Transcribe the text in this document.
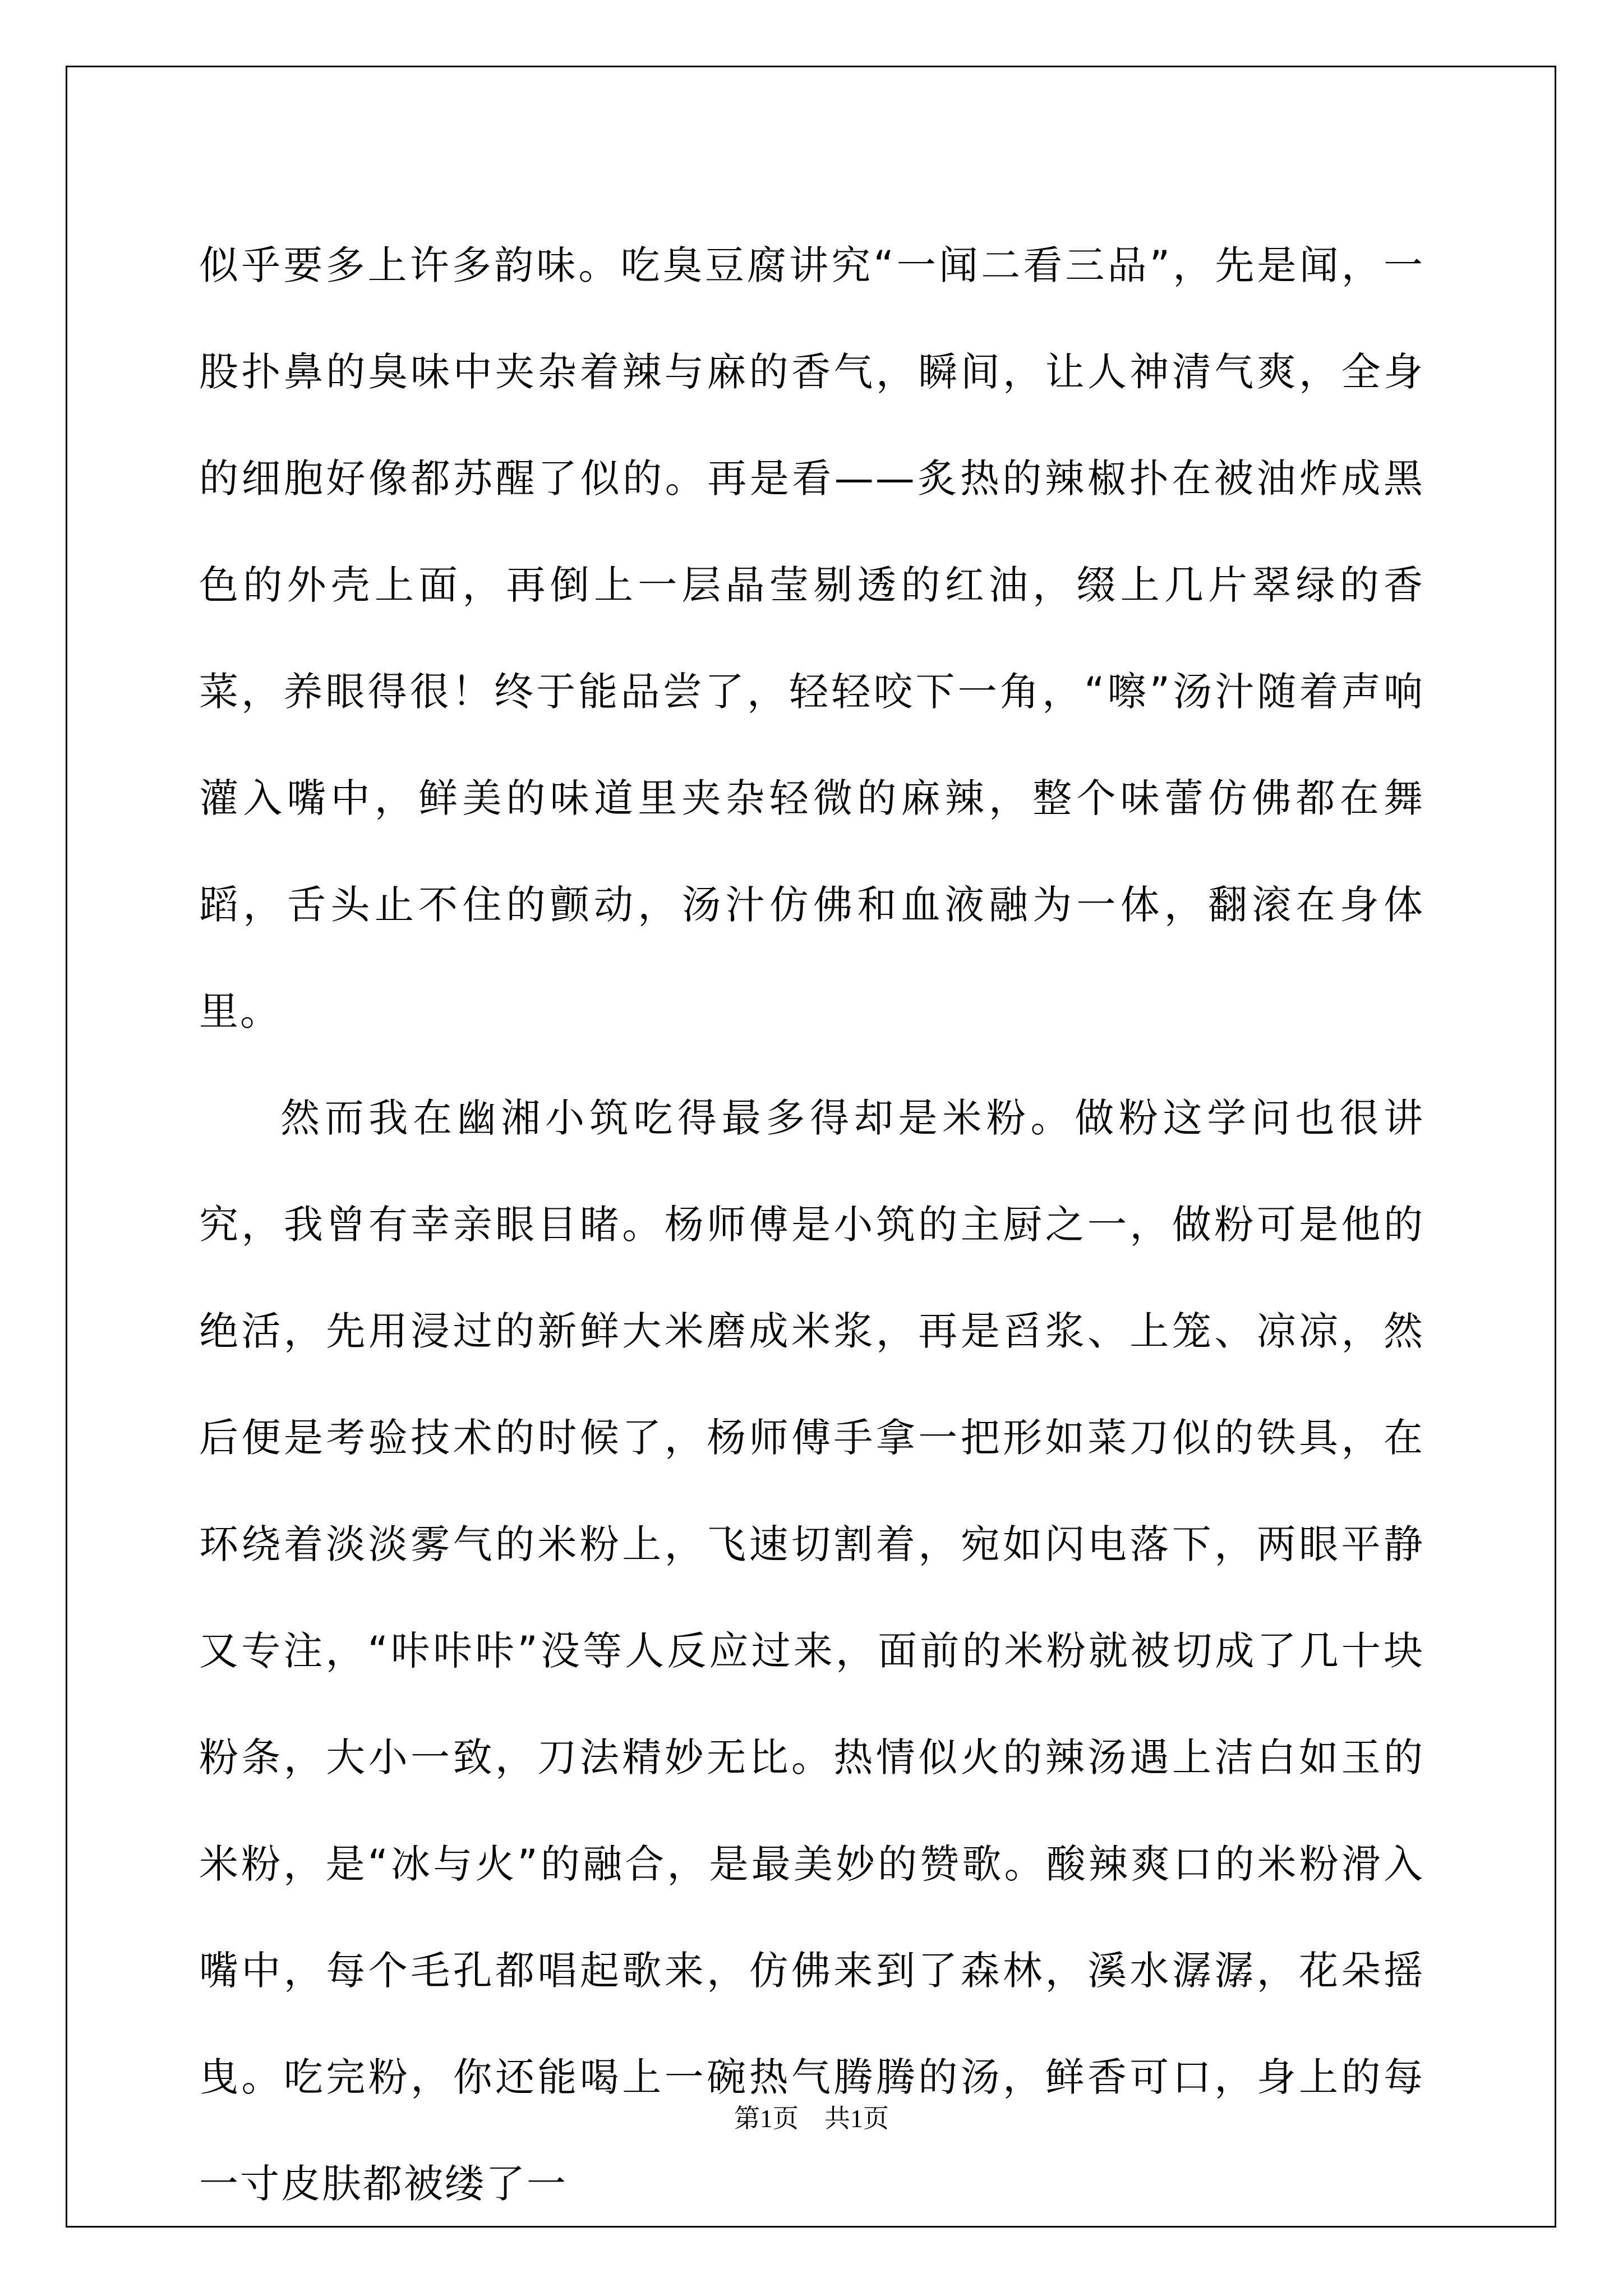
似乎要多上许多韵味。吃臭豆腐讲究“一闻二看三品”，先是闻，一股扑鼻的臭味中夹杂着辣与麻的香气，瞬间，让人神清气爽，全身的细胞好像都苏醒了似的。再是看——炙热的辣椒扑在被油炸成黑色的外壳上面，再倒上一层晶莹剔透的红油，缀上几片翠绿的香菜，养眼得很！终于能品尝了，轻轻咬下一角，“嚓”汤汁随着声响灌入嘴中，鲜美的味道里夹杂轻微的麻辣，整个味蕾仿佛都在舞蹈，舌头止不住的颤动，汤汁仿佛和血液融为一体，翻滚在身体里。

然而我在幽湘小筑吃得最多得却是米粉。做粉这学问也很讲究，我曾有幸亲眼目睹。杨师傅是小筑的主厨之一，做粉可是他的绝活，先用浸过的新鲜大米磨成米浆，再是舀浆、上笼、凉凉，然后便是考验技术的时候了，杨师傅手拿一把形如菜刀似的铁具，在环绕着淡淡雾气的米粉上，飞速切割着，宛如闪电落下，两眼平静又专注，“咔咔咔”没等人反应过来，面前的米粉就被切成了几十块粉条，大小一致，刀法精妙无比。热情似火的辣汤遇上洁白如玉的米粉，是“冰与火”的融合，是最美妙的赞歌。酸辣爽口的米粉滑入嘴中，每个毛孔都唱起歌来，仿佛来到了森林，溪水潺潺，花朵摇曳。吃完粉，你还能喝上一碗热气腾腾的汤，鲜香可口，身上的每一寸皮肤都被缕了一

第1页　共1页
